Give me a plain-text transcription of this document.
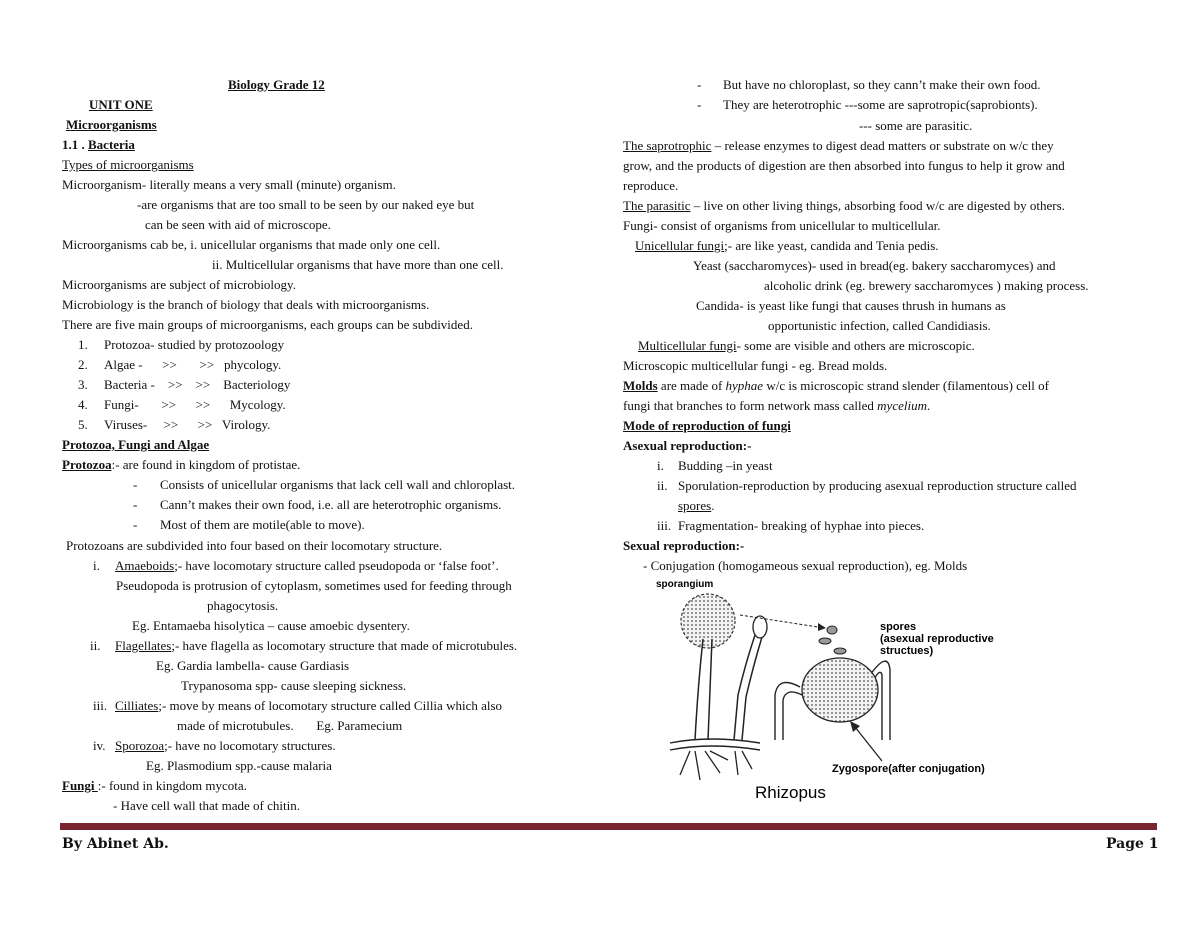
Biology Grade 12
UNIT ONE
Microorganisms
1.1 . Bacteria
Types of microorganisms
Microorganism- literally means a very small (minute) organism.
-are organisms that are too small to be seen by our naked eye but
can be seen with aid of microscope.
Microorganisms cab be, i. unicellular organisms that made only one cell.
ii. Multicellular organisms that have more than one cell.
Microorganisms are subject of microbiology.
Microbiology is the branch of biology that deals with microorganisms.
There are five main groups of microorganisms, each groups can be subdivided.
1. Protozoa- studied by protozoology
2. Algae -      >>       >>   phycology.
3. Bacteria -    >>    >>    Bacteriology
4. Fungi-       >>      >>      Mycology.
5. Viruses-     >>      >>   Virology.
Protozoa, Fungi and Algae
Protozoa:- are found in kingdom of protistae.
- Consists of unicellular organisms that lack cell wall and chloroplast.
- Cann’t makes their own food, i.e. all are heterotrophic organisms.
- Most of them are motile(able to move).
Protozoans are subdivided into four based on their locomotary structure.
i. Amaeboids;- have locomotary structure called pseudopoda or ‘false foot’.
Pseudopoda is protrusion of cytoplasm, sometimes used for feeding through
phagocytosis.
Eg. Entamaeba hisolytica – cause amoebic dysentery.
ii. Flagellates;- have flagella as locomotary structure that made of microtubules.
Eg. Gardia lambella- cause Gardiasis
Trypanosoma spp- cause sleeping sickness.
iii. Cilliates;- move by means of locomotary structure called Cillia which also
made of microtubules.       Eg. Paramecium
iv. Sporozoa;- have no locomotary structures.
Eg. Plasmodium spp.-cause malaria
Fungi :- found in kingdom mycota.
- Have cell wall that made of chitin.
- But have no chloroplast, so they cann’t make their own food.
- They are heterotrophic ---some are saprotropic(saprobionts).
--- some are parasitic.
The saprotrophic – release enzymes to digest dead matters or substrate on w/c they
grow, and the products of digestion are then absorbed into fungus to help it grow and
reproduce.
The parasitic – live on other living things, absorbing food w/c are digested by others.
Fungi- consist of organisms from unicellular to multicellular.
Unicellular fungi;- are like yeast, candida and Tenia pedis.
Yeast (saccharomyces)- used in bread(eg. bakery saccharomyces) and
alcoholic drink (eg. brewery saccharomyces ) making process.
Candida- is yeast like fungi that causes thrush in humans as
opportunistic infection, called Candidiasis.
Multicellular fungi- some are visible and others are microscopic.
Microscopic multicellular fungi - eg. Bread molds.
Molds are made of hyphae w/c is microscopic strand slender (filamentous) cell of
fungi that branches to form network mass called mycelium.
Mode of reproduction of fungi
Asexual reproduction:-
i. Budding –in yeast
ii. Sporulation-reproduction by producing asexual reproduction structure called
spores.
iii. Fragmentation- breaking of hyphae into pieces.
Sexual reproduction:-
- Conjugation (homogameous sexual reproduction), eg. Molds
sporangium
spores
(asexual reproductive
structues)
Zygospore(after conjugation)
Rhizopus
By Abinet Ab.	Page 1
